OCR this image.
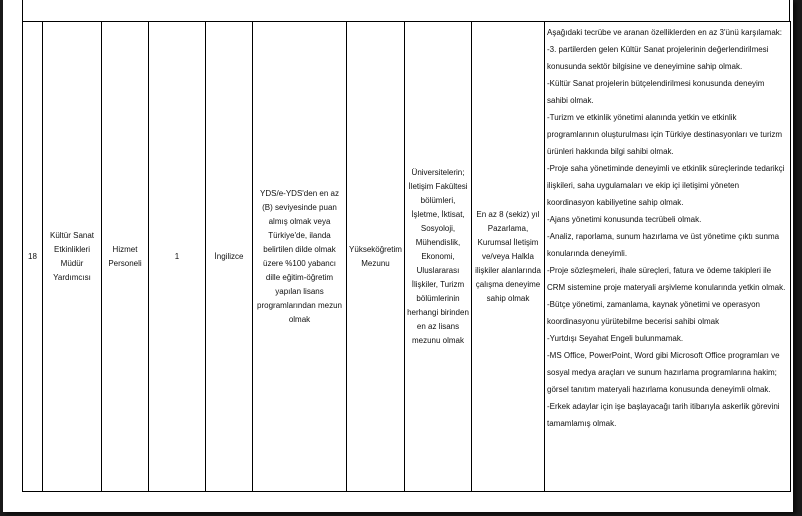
18	Kültür Sanat Etkinlikleri Müdür Yardımcısı	Hizmet Personeli	1	İngilizce	YDS/e-YDS'den en az (B) seviyesinde puan almış olmak veya Türkiye'de, ilanda belirtilen dilde olmak üzere %100 yabancı dille eğitim-öğretim yapılan lisans programlarından mezun olmak	Yükseköğretim Mezunu	Üniversitelerin; İletişim Fakültesi bölümleri, İşletme, İktisat, Sosyoloji, Mühendislik, Ekonomi, Uluslararası İlişkiler, Turizm bölümlerinin herhangi birinden en az lisans mezunu olmak	En az 8 (sekiz) yıl Pazarlama, Kurumsal İletişim ve/veya Halkla ilişkiler alanlarında çalışma deneyime sahip olmak	
Aşağıdaki tecrübe ve aranan özelliklerden en az 3'ünü karşılamak:
-3. partilerden gelen Kültür Sanat projelerinin değerlendirilmesi konusunda sektör bilgisine ve deneyimine sahip olmak.
-Kültür Sanat projelerin bütçelendirilmesi konusunda deneyim sahibi olmak.
-Turizm ve etkinlik yönetimi alanında yetkin ve etkinlik programlarının oluşturulması için Türkiye destinasyonları ve turizm ürünleri hakkında bilgi sahibi olmak.
-Proje saha yönetiminde deneyimli ve etkinlik süreçlerinde tedarikçi ilişkileri, saha uygulamaları ve ekip içi iletişimi yöneten koordinasyon kabiliyetine sahip olmak.
-Ajans yönetimi konusunda tecrübeli olmak.
-Analiz, raporlama, sunum hazırlama ve üst yönetime çıktı sunma konularında deneyimli.
-Proje sözleşmeleri, ihale süreçleri, fatura ve ödeme takipleri ile CRM sistemine proje materyali arşivleme konularında yetkin olmak.
-Bütçe yönetimi, zamanlama, kaynak yönetimi ve operasyon koordinasyonu yürütebilme becerisi sahibi olmak
-Yurtdışı Seyahat Engeli bulunmamak.
-MS Office, PowerPoint, Word gibi Microsoft Office programları ve sosyal medya araçları ve sunum hazırlama programlarına hakim; görsel tanıtım materyali hazırlama konusunda deneyimli olmak.
-Erkek adaylar için işe başlayacağı tarih itibarıyla askerlik görevini tamamlamış olmak.
